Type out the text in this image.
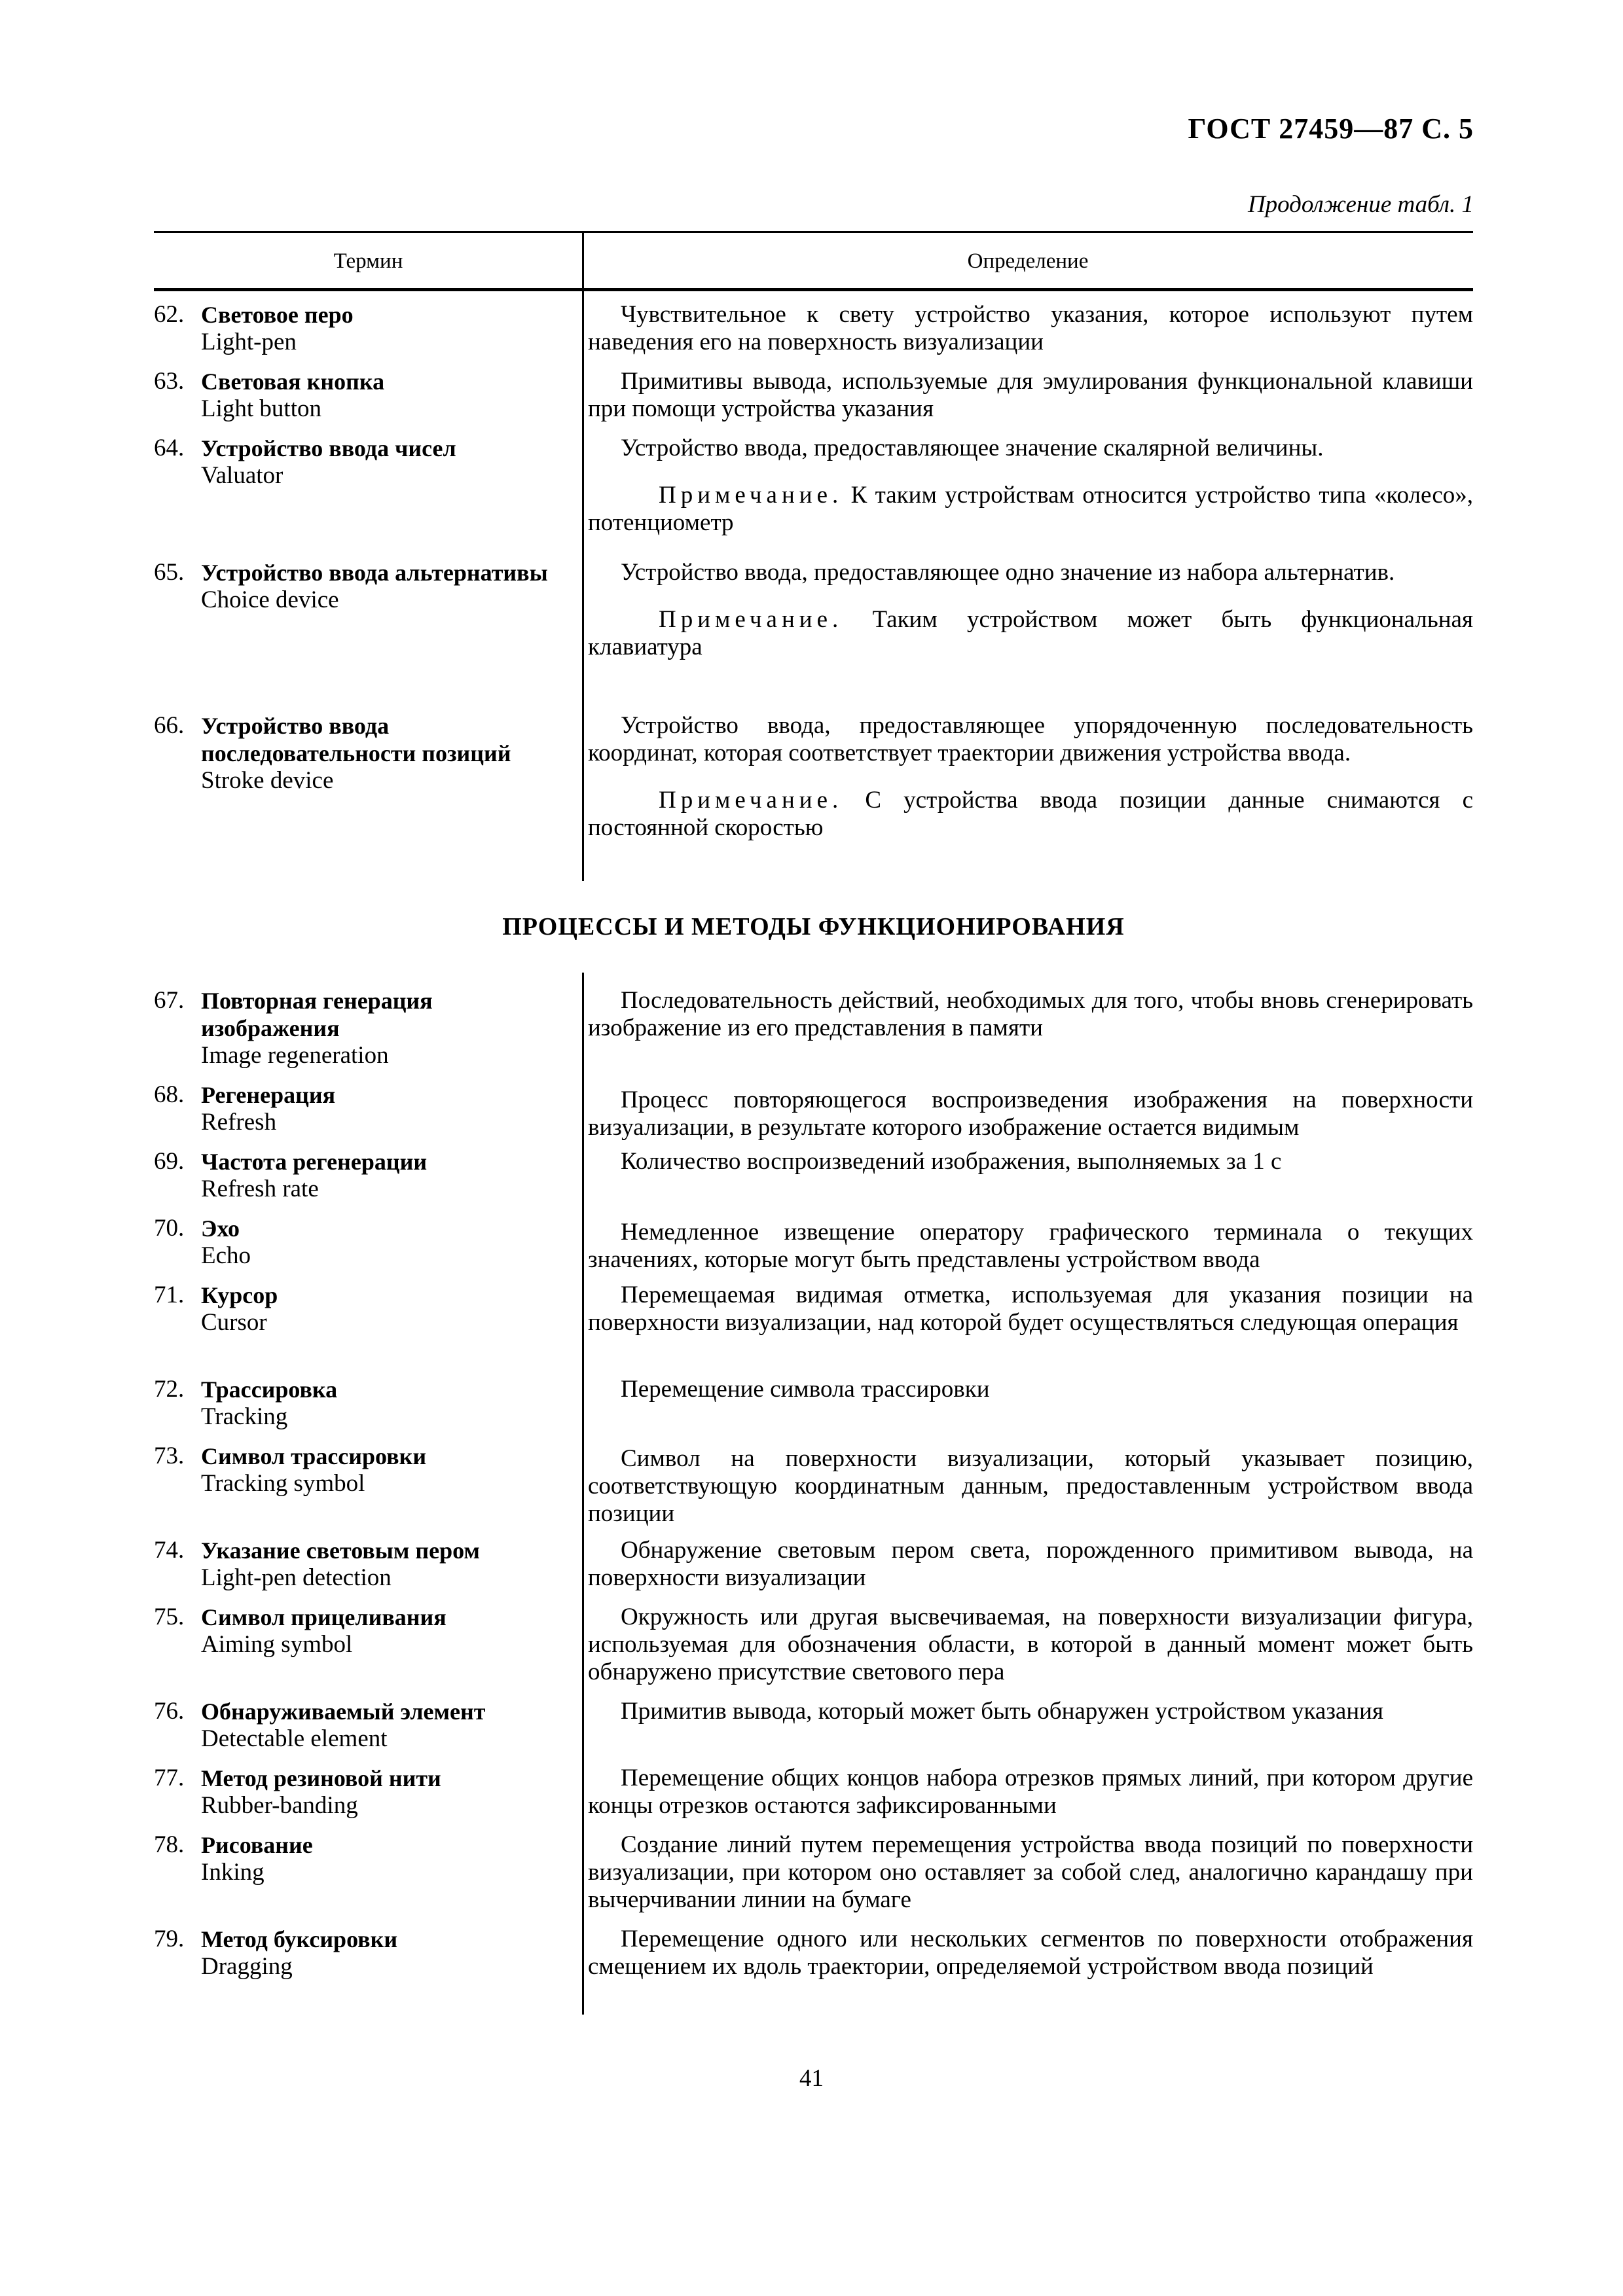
ГОСТ 27459—87 С. 5
Продолжение табл. 1
Термин	Определение
62. Световое перо
Light-pen

Чувствительное к свету устройство указания, которое используют путем наведения его на поверхность визуализации

63. Световая кнопка
Light button

Примитивы вывода, используемые для эмулирования функциональной клавиши при помощи устройства указания

64. Устройство ввода чисел
Valuator

Устройство ввода, предоставляющее значение скалярной величины.

Примечание. К таким устройствам относится устройство типа «колесо», потенциометр

65. Устройство ввода альтернативы
Choice device

Устройство ввода, предоставляющее одно значение из набора альтернатив.

Примечание. Таким устройством может быть функциональная клавиатура

66. Устройство ввода последовательности позиций
Stroke device

Устройство ввода, предоставляющее упорядоченную последовательность координат, которая соответствует траектории движения устройства ввода.

Примечание. С устройства ввода позиции данные снимаются с постоянной скоростью

ПРОЦЕССЫ И МЕТОДЫ ФУНКЦИОНИРОВАНИЯ
67. Повторная генерация изображения
Image regeneration

Последовательность действий, необходимых для того, чтобы вновь сгенерировать изображение из его представления в памяти

68. Регенерация
Refresh

Процесс повторяющегося воспроизведения изображения на поверхности визуализации, в результате которого изображение остается видимым

69. Частота регенерации
Refresh rate

Количество воспроизведений изображения, выполняемых за 1 с

70. Эхо
Echo

Немедленное извещение оператору графического терминала о текущих значениях, которые могут быть представлены устройством ввода

71. Курсор
Cursor

Перемещаемая видимая отметка, используемая для указания позиции на поверхности визуализации, над которой будет осуществляться следующая операция

72. Трассировка
Tracking

Перемещение символа трассировки

73. Символ трассировки
Tracking symbol

Символ на поверхности визуализации, который указывает позицию, соответствующую координатным данным, предоставленным устройством ввода позиции

74. Указание световым пером
Light-pen detection

Обнаружение световым пером света, порожденного примитивом вывода, на поверхности визуализации

75. Символ прицеливания
Aiming symbol

Окружность или другая высвечиваемая, на поверхности визуализации фигура, используемая для обозначения области, в которой в данный момент может быть обнаружено присутствие светового пера

76. Обнаруживаемый элемент
Detectable element

Примитив вывода, который может быть обнаружен устройством указания

77. Метод резиновой нити
Rubber-banding

Перемещение общих концов набора отрезков прямых линий, при котором другие концы отрезков остаются зафиксированными

78. Рисование
Inking

Создание линий путем перемещения устройства ввода позиций по поверхности визуализации, при котором оно оставляет за собой след, аналогично карандашу при вычерчивании линии на бумаге

79. Метод буксировки
Dragging

Перемещение одного или нескольких сегментов по поверхности отображения смещением их вдоль траектории, определяемой устройством ввода позиций

41
